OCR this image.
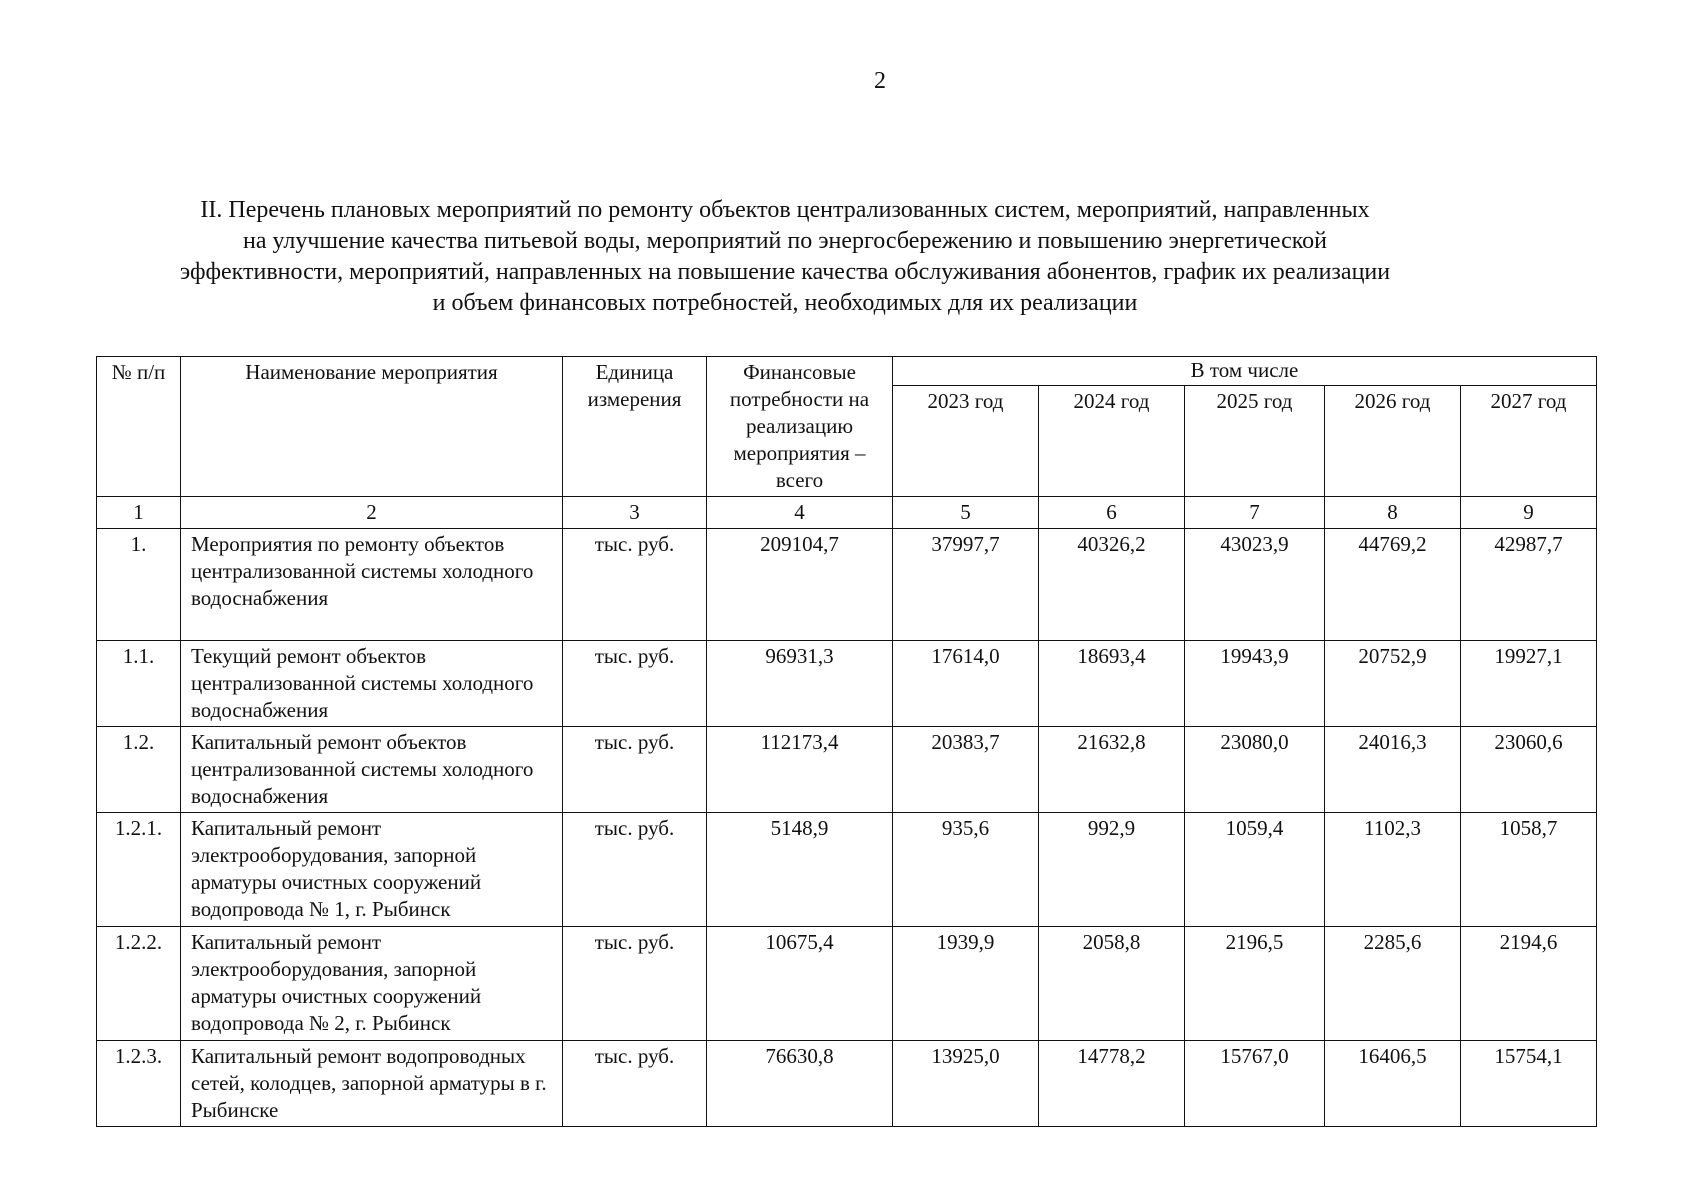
2
II. Перечень плановых мероприятий по ремонту объектов централизованных систем, мероприятий, направленных
на улучшение качества питьевой воды, мероприятий по энергосбережению и повышению энергетической
эффективности, мероприятий, направленных на повышение качества обслуживания абонентов, график их реализации
и объем финансовых потребностей, необходимых для их реализации
№ п/п	Наименование мероприятия	Единица измерения	Финансовые потребности на реализацию мероприятия – всего	В том числе				
				2023 год	2024 год	2025 год	2026 год	2027 год
1	2	3	4	5	6	7	8	9
1.	Мероприятия по ремонту объектов централизованной системы холодного водоснабжения	тыс. руб.	209104,7	37997,7	40326,2	43023,9	44769,2	42987,7
1.1.	Текущий ремонт объектов централизованной системы холодного водоснабжения	тыс. руб.	96931,3	17614,0	18693,4	19943,9	20752,9	19927,1
1.2.	Капитальный ремонт объектов централизованной системы холодного водоснабжения	тыс. руб.	112173,4	20383,7	21632,8	23080,0	24016,3	23060,6
1.2.1.	Капитальный ремонт электрооборудования, запорной арматуры очистных сооружений водопровода № 1, г. Рыбинск	тыс. руб.	5148,9	935,6	992,9	1059,4	1102,3	1058,7
1.2.2.	Капитальный ремонт электрооборудования, запорной арматуры очистных сооружений водопровода № 2, г. Рыбинск	тыс. руб.	10675,4	1939,9	2058,8	2196,5	2285,6	2194,6
1.2.3.	Капитальный ремонт водопроводных сетей, колодцев, запорной арматуры в г. Рыбинске	тыс. руб.	76630,8	13925,0	14778,2	15767,0	16406,5	15754,1
